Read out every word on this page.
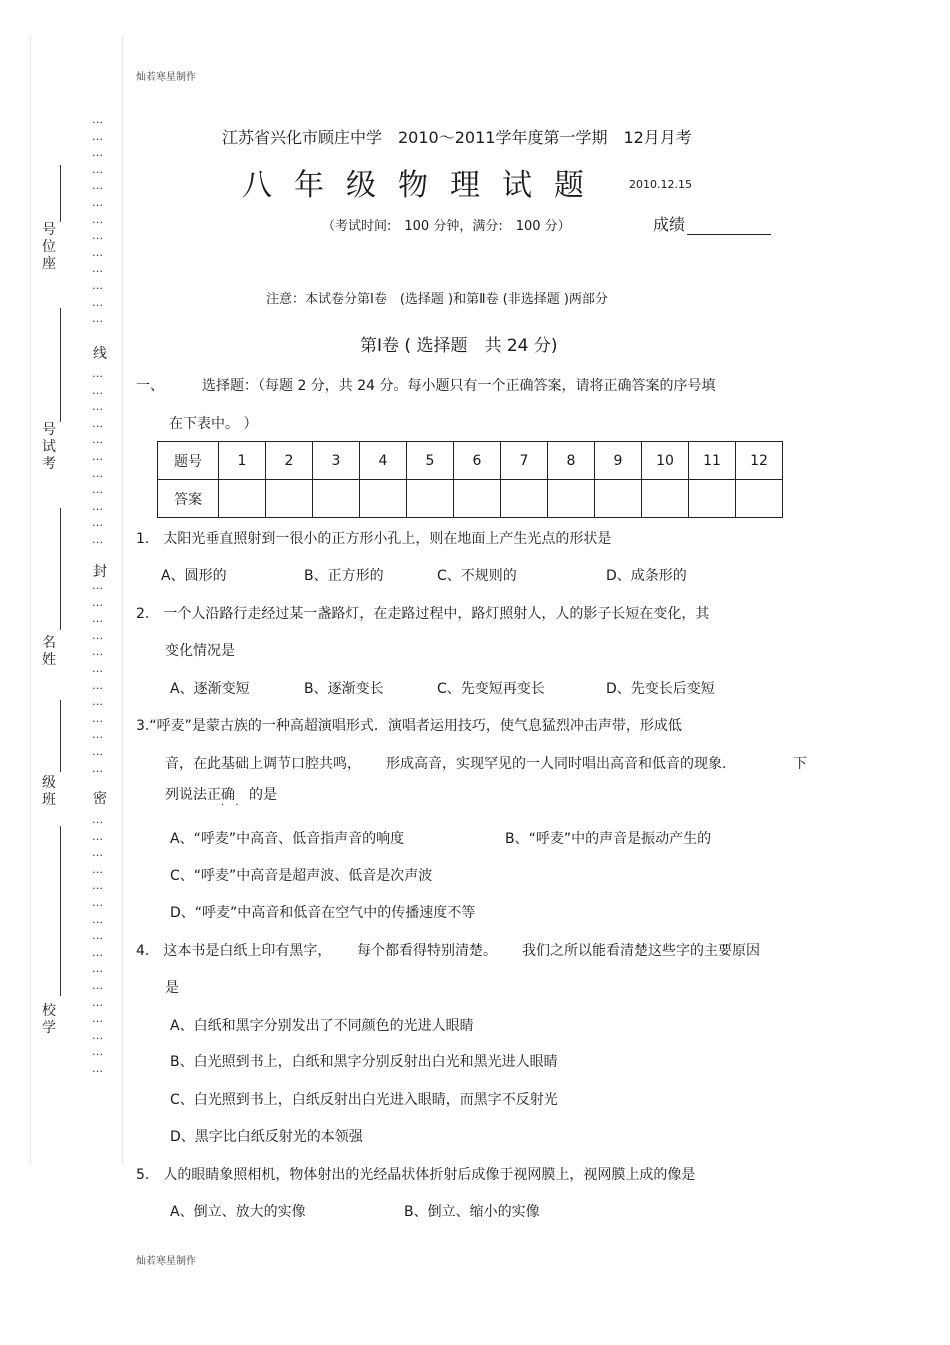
灿若寒星制作
灿若寒星制作
号位座
号试考
名姓
级班
校学
…
…
…
…
…
…
…
…
…
…
…
…
…
线
…
…
…
…
…
…
…
…
…
…
…
封
…
…
…
…
…
…
…
…
…
…
…
…
密
…
…
…
…
…
…
…
…
…
…
…
…
…
…
…
…
江苏省兴化市顾庄中学　2010～2011学年度第一学期　12月月考
八年级物理试题 2010.12.15
（考试时间:　100 分钟，满分:　100 分）	成绩
注意：本试卷分第Ⅰ卷　(选择题 )和第Ⅱ卷 (非选择题 )两部分
第Ⅰ卷 ( 选择题　共 24 分)
一、	选择题：（每题 2 分，共 24 分。每小题只有一个正确答案，请将正确答案的序号填
在下表中。 ）
题号	1	2	3	4	5	6	7	8	9	10	11	12
答案												
1.　太阳光垂直照射到一很小的正方形小孔上，则在地面上产生光点的形状是
A、圆形的	B、正方形的	C、不规则的	D、成条形的
2.　一个人沿路行走经过某一盏路灯，在走路过程中，路灯照射人，人的影子长短在变化，其
变化情况是
A、逐渐变短	B、逐渐变长	C、先变短再变长	D、先变长后变短
3.“呼麦”是蒙古族的一种高超演唱形式．演唱者运用技巧，使气息猛烈冲击声带，形成低
音，在此基础上调节口腔共鸣， 形成高音，实现罕见的一人同时唱出高音和低音的现象.	下
列说法正确　的是
· ·
A、“呼麦”中高音、低音指声音的响度	B、“呼麦”中的声音是振动产生的
C、“呼麦”中高音是超声波、低音是次声波
D、“呼麦”中高音和低音在空气中的传播速度不等
4.　这本书是白纸上印有黑字， 每个都看得特别清楚。 我们之所以能看清楚这些字的主要原因
是
A、白纸和黑字分别发出了不同颜色的光进人眼睛
B、白光照到书上，白纸和黑字分别反射出白光和黑光进人眼睛
C、白光照到书上，白纸反射出白光进入眼睛，而黑字不反射光
D、黑字比白纸反射光的本领强
5.　人的眼睛象照相机，物体射出的光经晶状体折射后成像于视网膜上，视网膜上成的像是
A、倒立、放大的实像	B、倒立、缩小的实像
